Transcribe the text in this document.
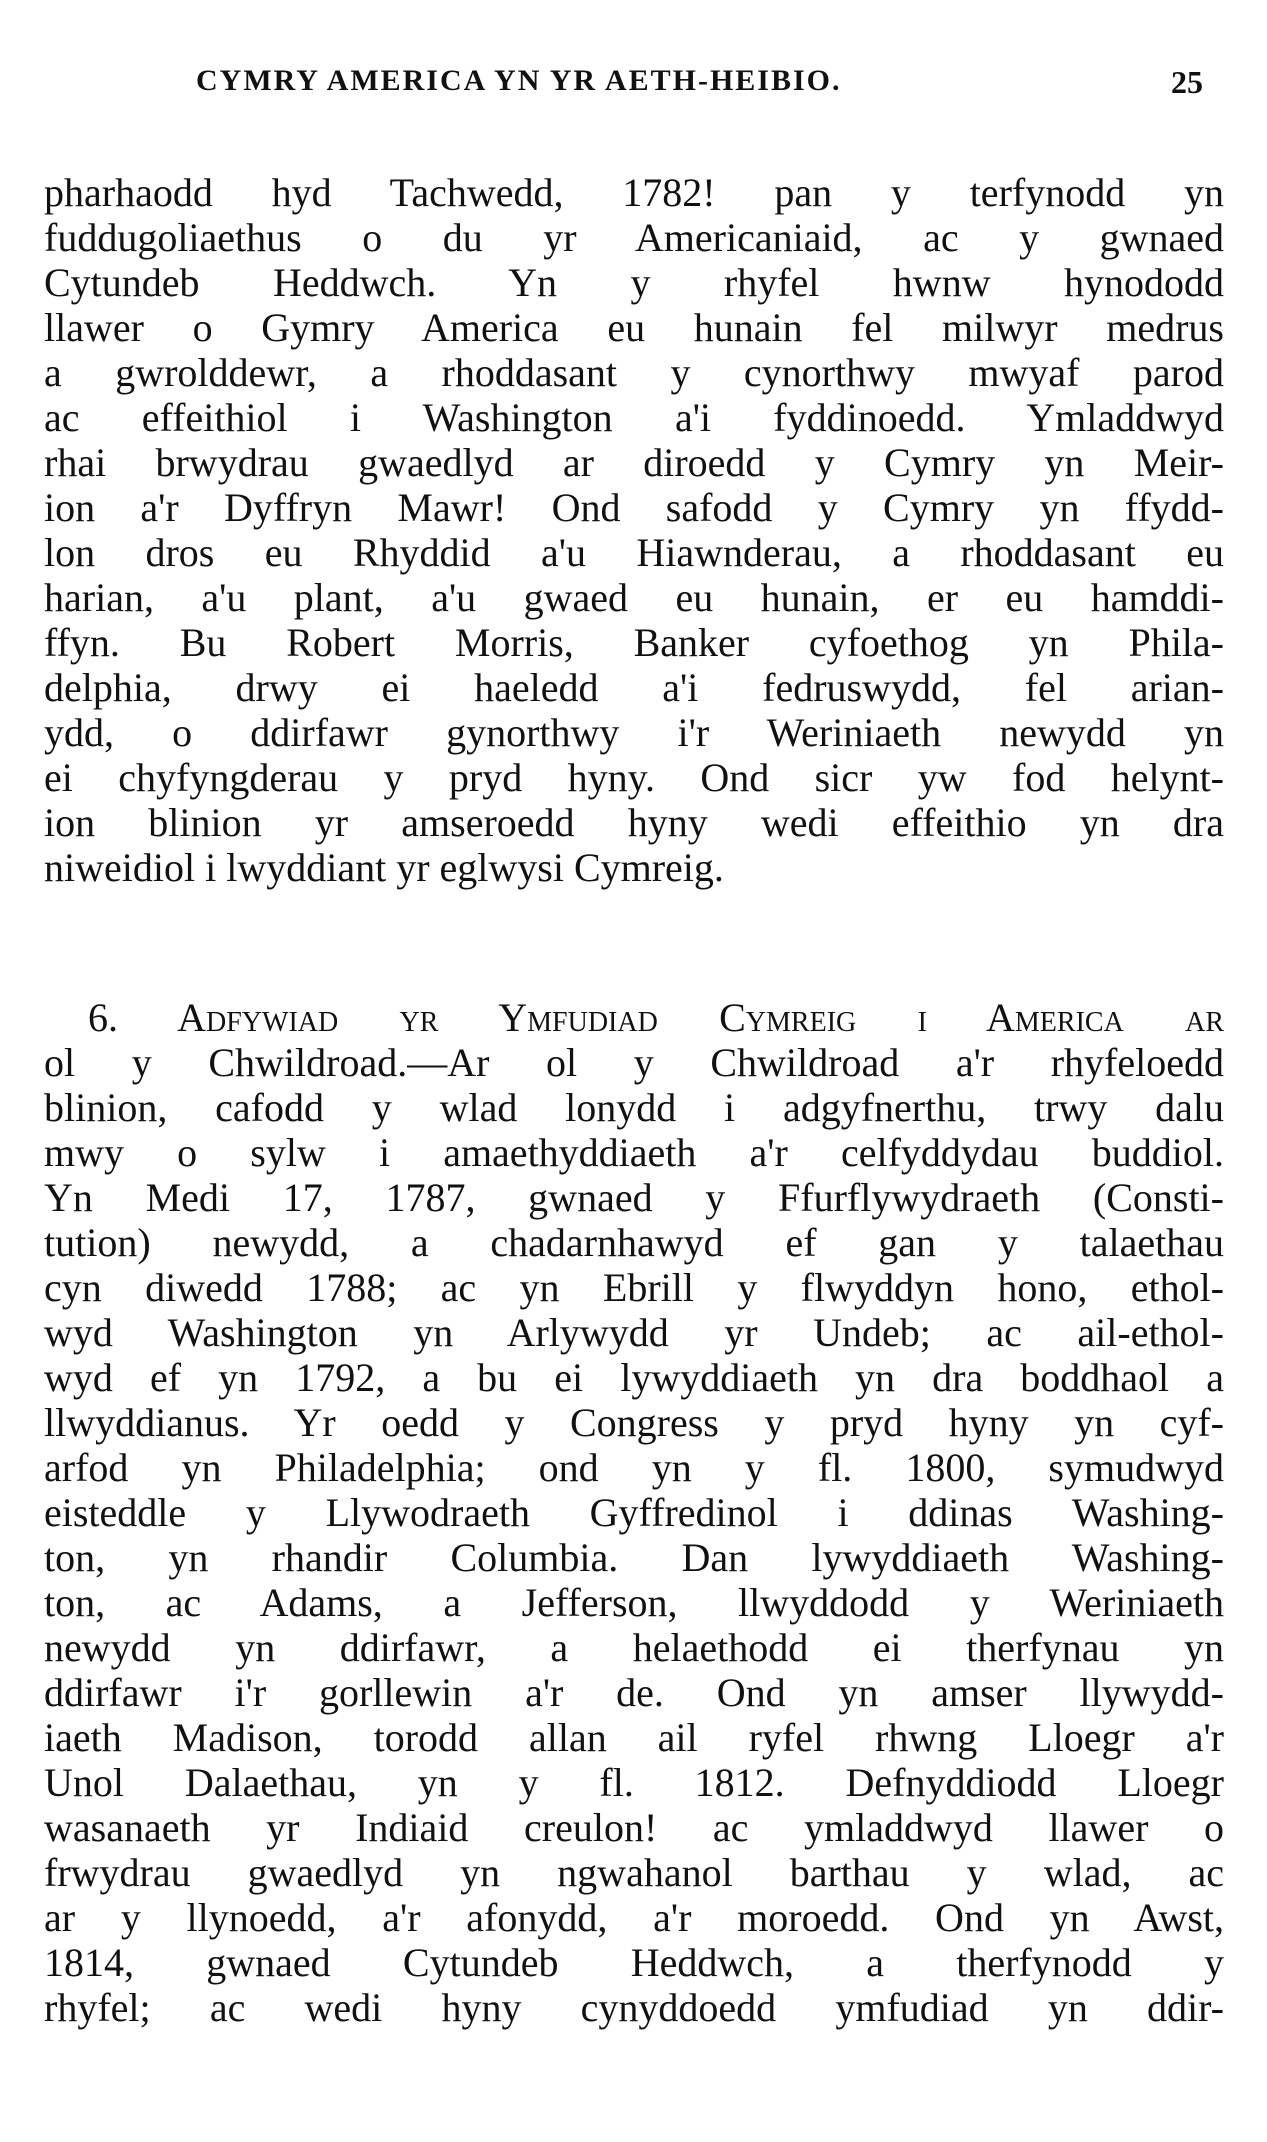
CYMRY AMERICA YN YR AETH-HEIBIO.	25
pharhaodd hyd Tachwedd, 1782! pan y terfynodd yn
fuddugoliaethus o du yr Americaniaid, ac y gwnaed
Cytundeb Heddwch. Yn y rhyfel hwnw hynododd
llawer o Gymry America eu hunain fel milwyr medrus
a gwrolddewr, a rhoddasant y cynorthwy mwyaf parod
ac effeithiol i Washington a'i fyddinoedd. Ymladdwyd
rhai brwydrau gwaedlyd ar diroedd y Cymry yn Meir-
ion a'r Dyffryn Mawr! Ond safodd y Cymry yn ffydd-
lon dros eu Rhyddid a'u Hiawnderau, a rhoddasant eu
harian, a'u plant, a'u gwaed eu hunain, er eu hamddi-
ffyn. Bu Robert Morris, Banker cyfoethog yn Phila-
delphia, drwy ei haeledd a'i fedruswydd, fel arian-
ydd, o ddirfawr gynorthwy i'r Weriniaeth newydd yn
ei chyfyngderau y pryd hyny. Ond sicr yw fod helynt-
ion blinion yr amseroedd hyny wedi effeithio yn dra
niweidiol i lwyddiant yr eglwysi Cymreig.
6. Adfywiad yr Ymfudiad Cymreig i America ar
ol y Chwildroad.—Ar ol y Chwildroad a'r rhyfeloedd
blinion, cafodd y wlad lonydd i adgyfnerthu, trwy dalu
mwy o sylw i amaethyddiaeth a'r celfyddydau buddiol.
Yn Medi 17, 1787, gwnaed y Ffurflywydraeth (Consti-
tution) newydd, a chadarnhawyd ef gan y talaethau
cyn diwedd 1788; ac yn Ebrill y flwyddyn hono, ethol-
wyd Washington yn Arlywydd yr Undeb; ac ail-ethol-
wyd ef yn 1792, a bu ei lywyddiaeth yn dra boddhaol a
llwyddianus. Yr oedd y Congress y pryd hyny yn cyf-
arfod yn Philadelphia; ond yn y fl. 1800, symudwyd
eisteddle y Llywodraeth Gyffredinol i ddinas Washing-
ton, yn rhandir Columbia. Dan lywyddiaeth Washing-
ton, ac Adams, a Jefferson, llwyddodd y Weriniaeth
newydd yn ddirfawr, a helaethodd ei therfynau yn
ddirfawr i'r gorllewin a'r de. Ond yn amser llywydd-
iaeth Madison, torodd allan ail ryfel rhwng Lloegr a'r
Unol Dalaethau, yn y fl. 1812. Defnyddiodd Lloegr
wasanaeth yr Indiaid creulon! ac ymladdwyd llawer o
frwydrau gwaedlyd yn ngwahanol barthau y wlad, ac
ar y llynoedd, a'r afonydd, a'r moroedd. Ond yn Awst,
1814, gwnaed Cytundeb Heddwch, a therfynodd y
rhyfel; ac wedi hyny cynyddoedd ymfudiad yn ddir-
